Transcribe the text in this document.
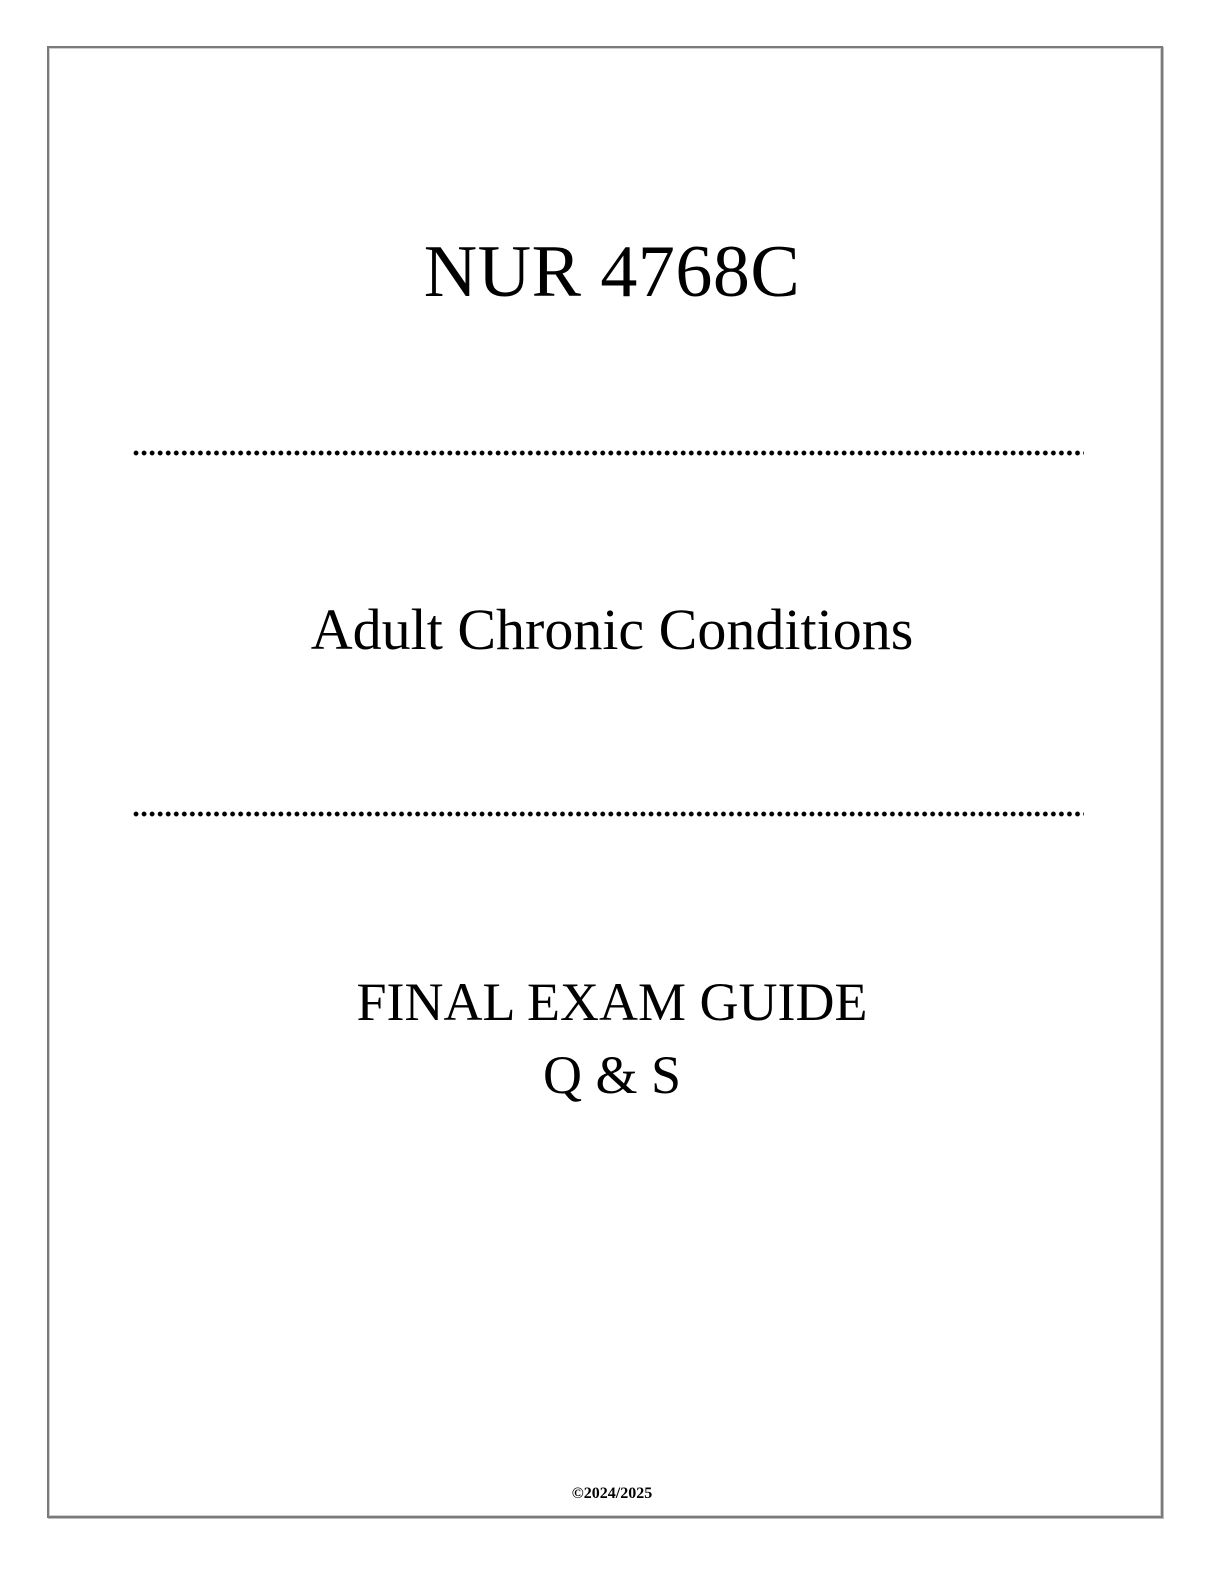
NUR 4768C
Adult Chronic Conditions
FINAL EXAM GUIDE
Q & S
©2024/2025
